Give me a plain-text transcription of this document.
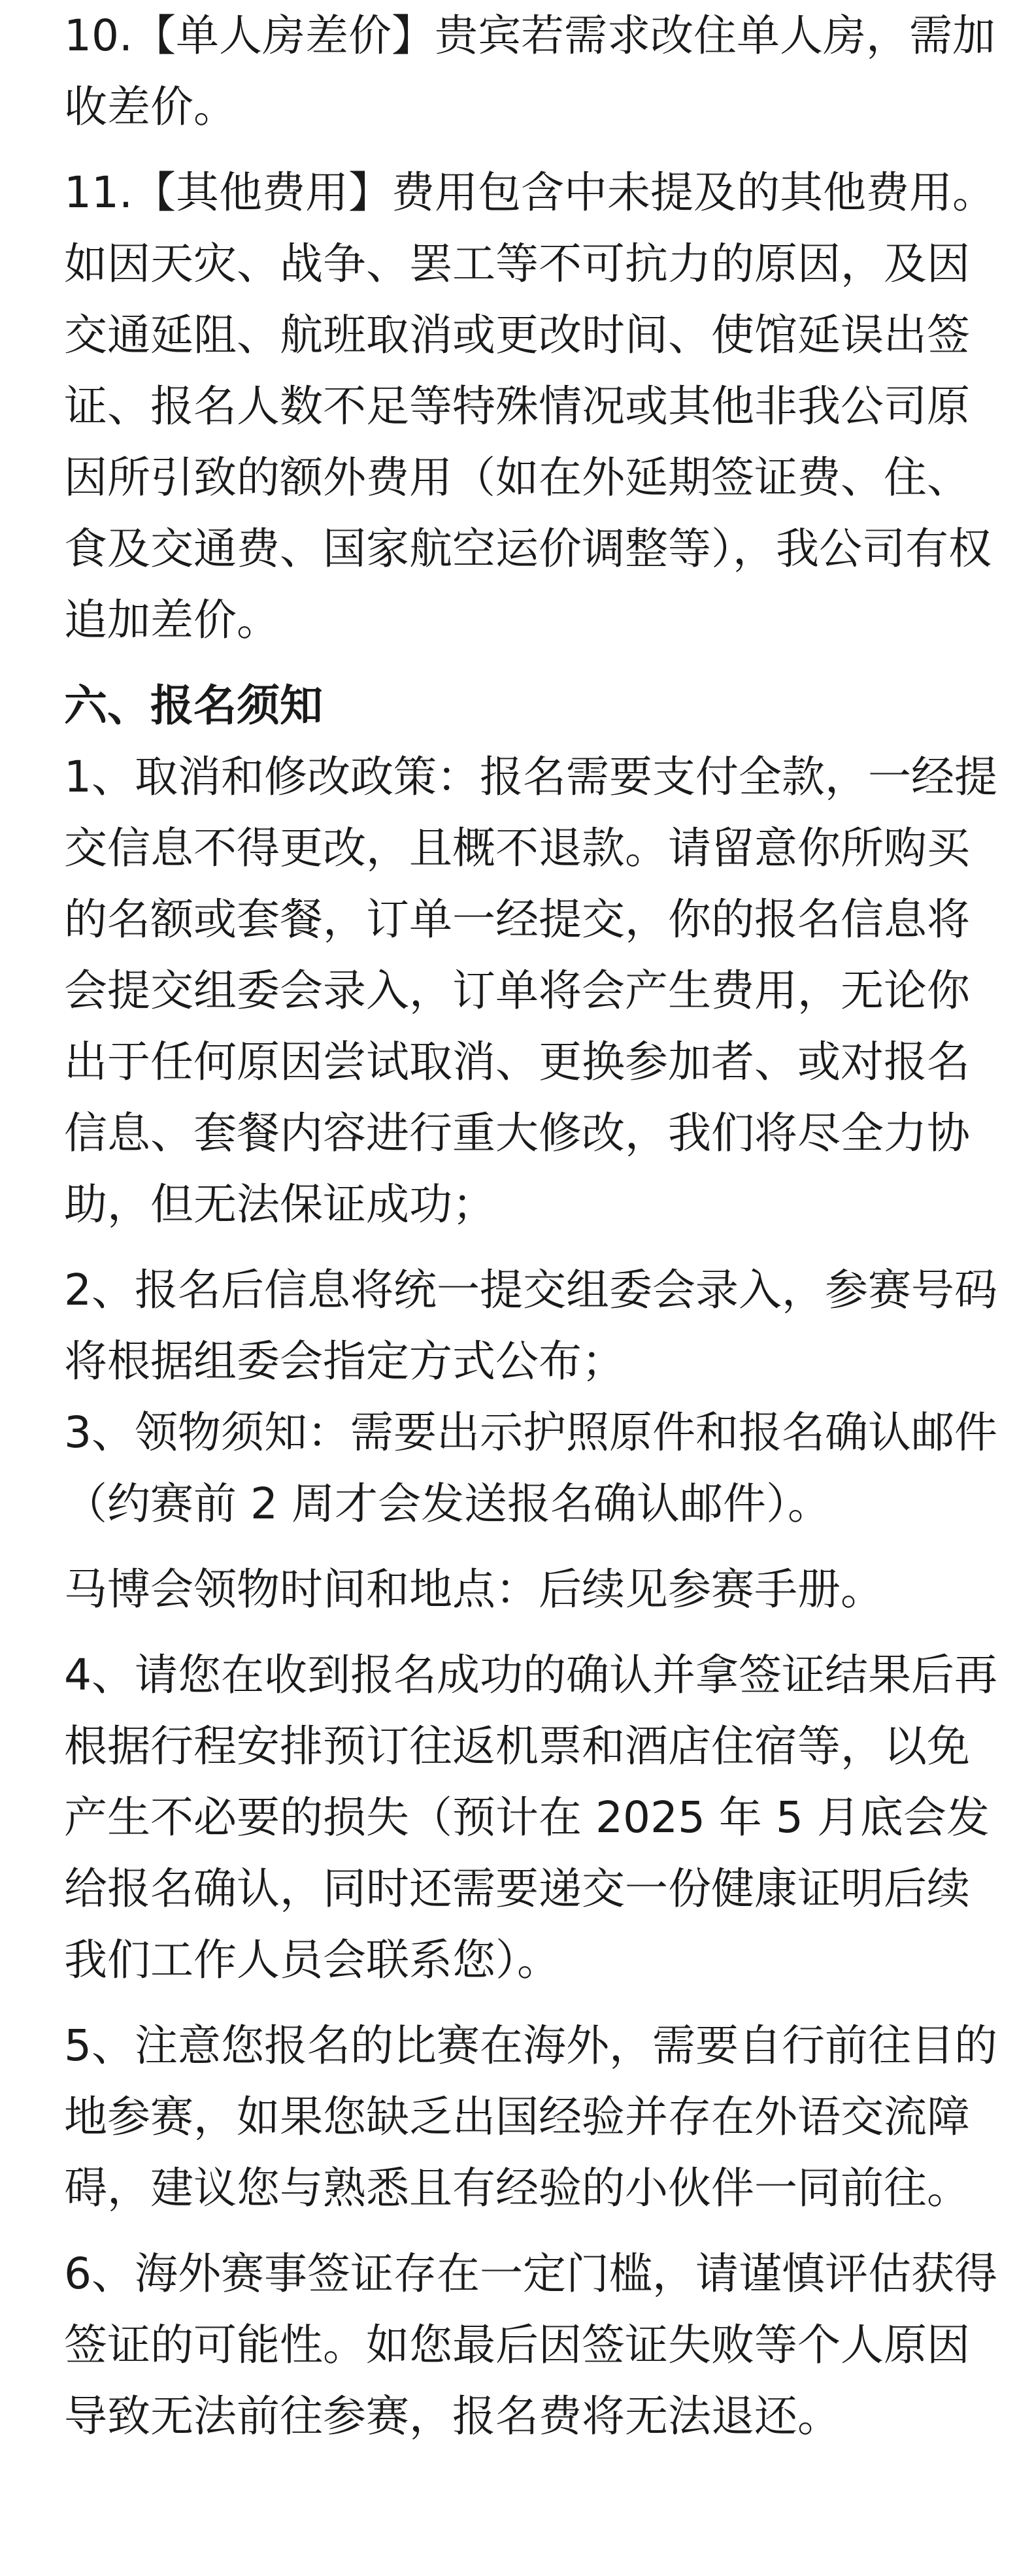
10.【单人房差价】贵宾若需求改住单人房，需加收差价。

11.【其他费用】费用包含中未提及的其他费用。如因天灾、战争、罢工等不可抗力的原因，及因交通延阻、航班取消或更改时间、使馆延误出签证、报名人数不足等特殊情况或其他非我公司原因所引致的额外费用（如在外延期签证费、住、食及交通费、国家航空运价调整等），我公司有权追加差价。

六、报名须知

1、取消和修改政策：报名需要支付全款，一经提交信息不得更改，且概不退款。请留意你所购买的名额或套餐，订单一经提交，你的报名信息将会提交组委会录入，订单将会产生费用，无论你出于任何原因尝试取消、更换参加者、或对报名信息、套餐内容进行重大修改，我们将尽全力协助，但无法保证成功；

2、报名后信息将统一提交组委会录入，参赛号码将根据组委会指定方式公布；

3、领物须知：需要出示护照原件和报名确认邮件（约赛前 2 周才会发送报名确认邮件）。

马博会领物时间和地点：后续见参赛手册。

4、请您在收到报名成功的确认并拿签证结果后再根据行程安排预订往返机票和酒店住宿等，以免产生不必要的损失（预计在 2025 年 5 月底会发给报名确认，同时还需要递交一份健康证明后续我们工作人员会联系您）。

5、注意您报名的比赛在海外，需要自行前往目的地参赛，如果您缺乏出国经验并存在外语交流障碍，建议您与熟悉且有经验的小伙伴一同前往。

6、海外赛事签证存在一定门槛，请谨慎评估获得签证的可能性。如您最后因签证失败等个人原因导致无法前往参赛，报名费将无法退还。
